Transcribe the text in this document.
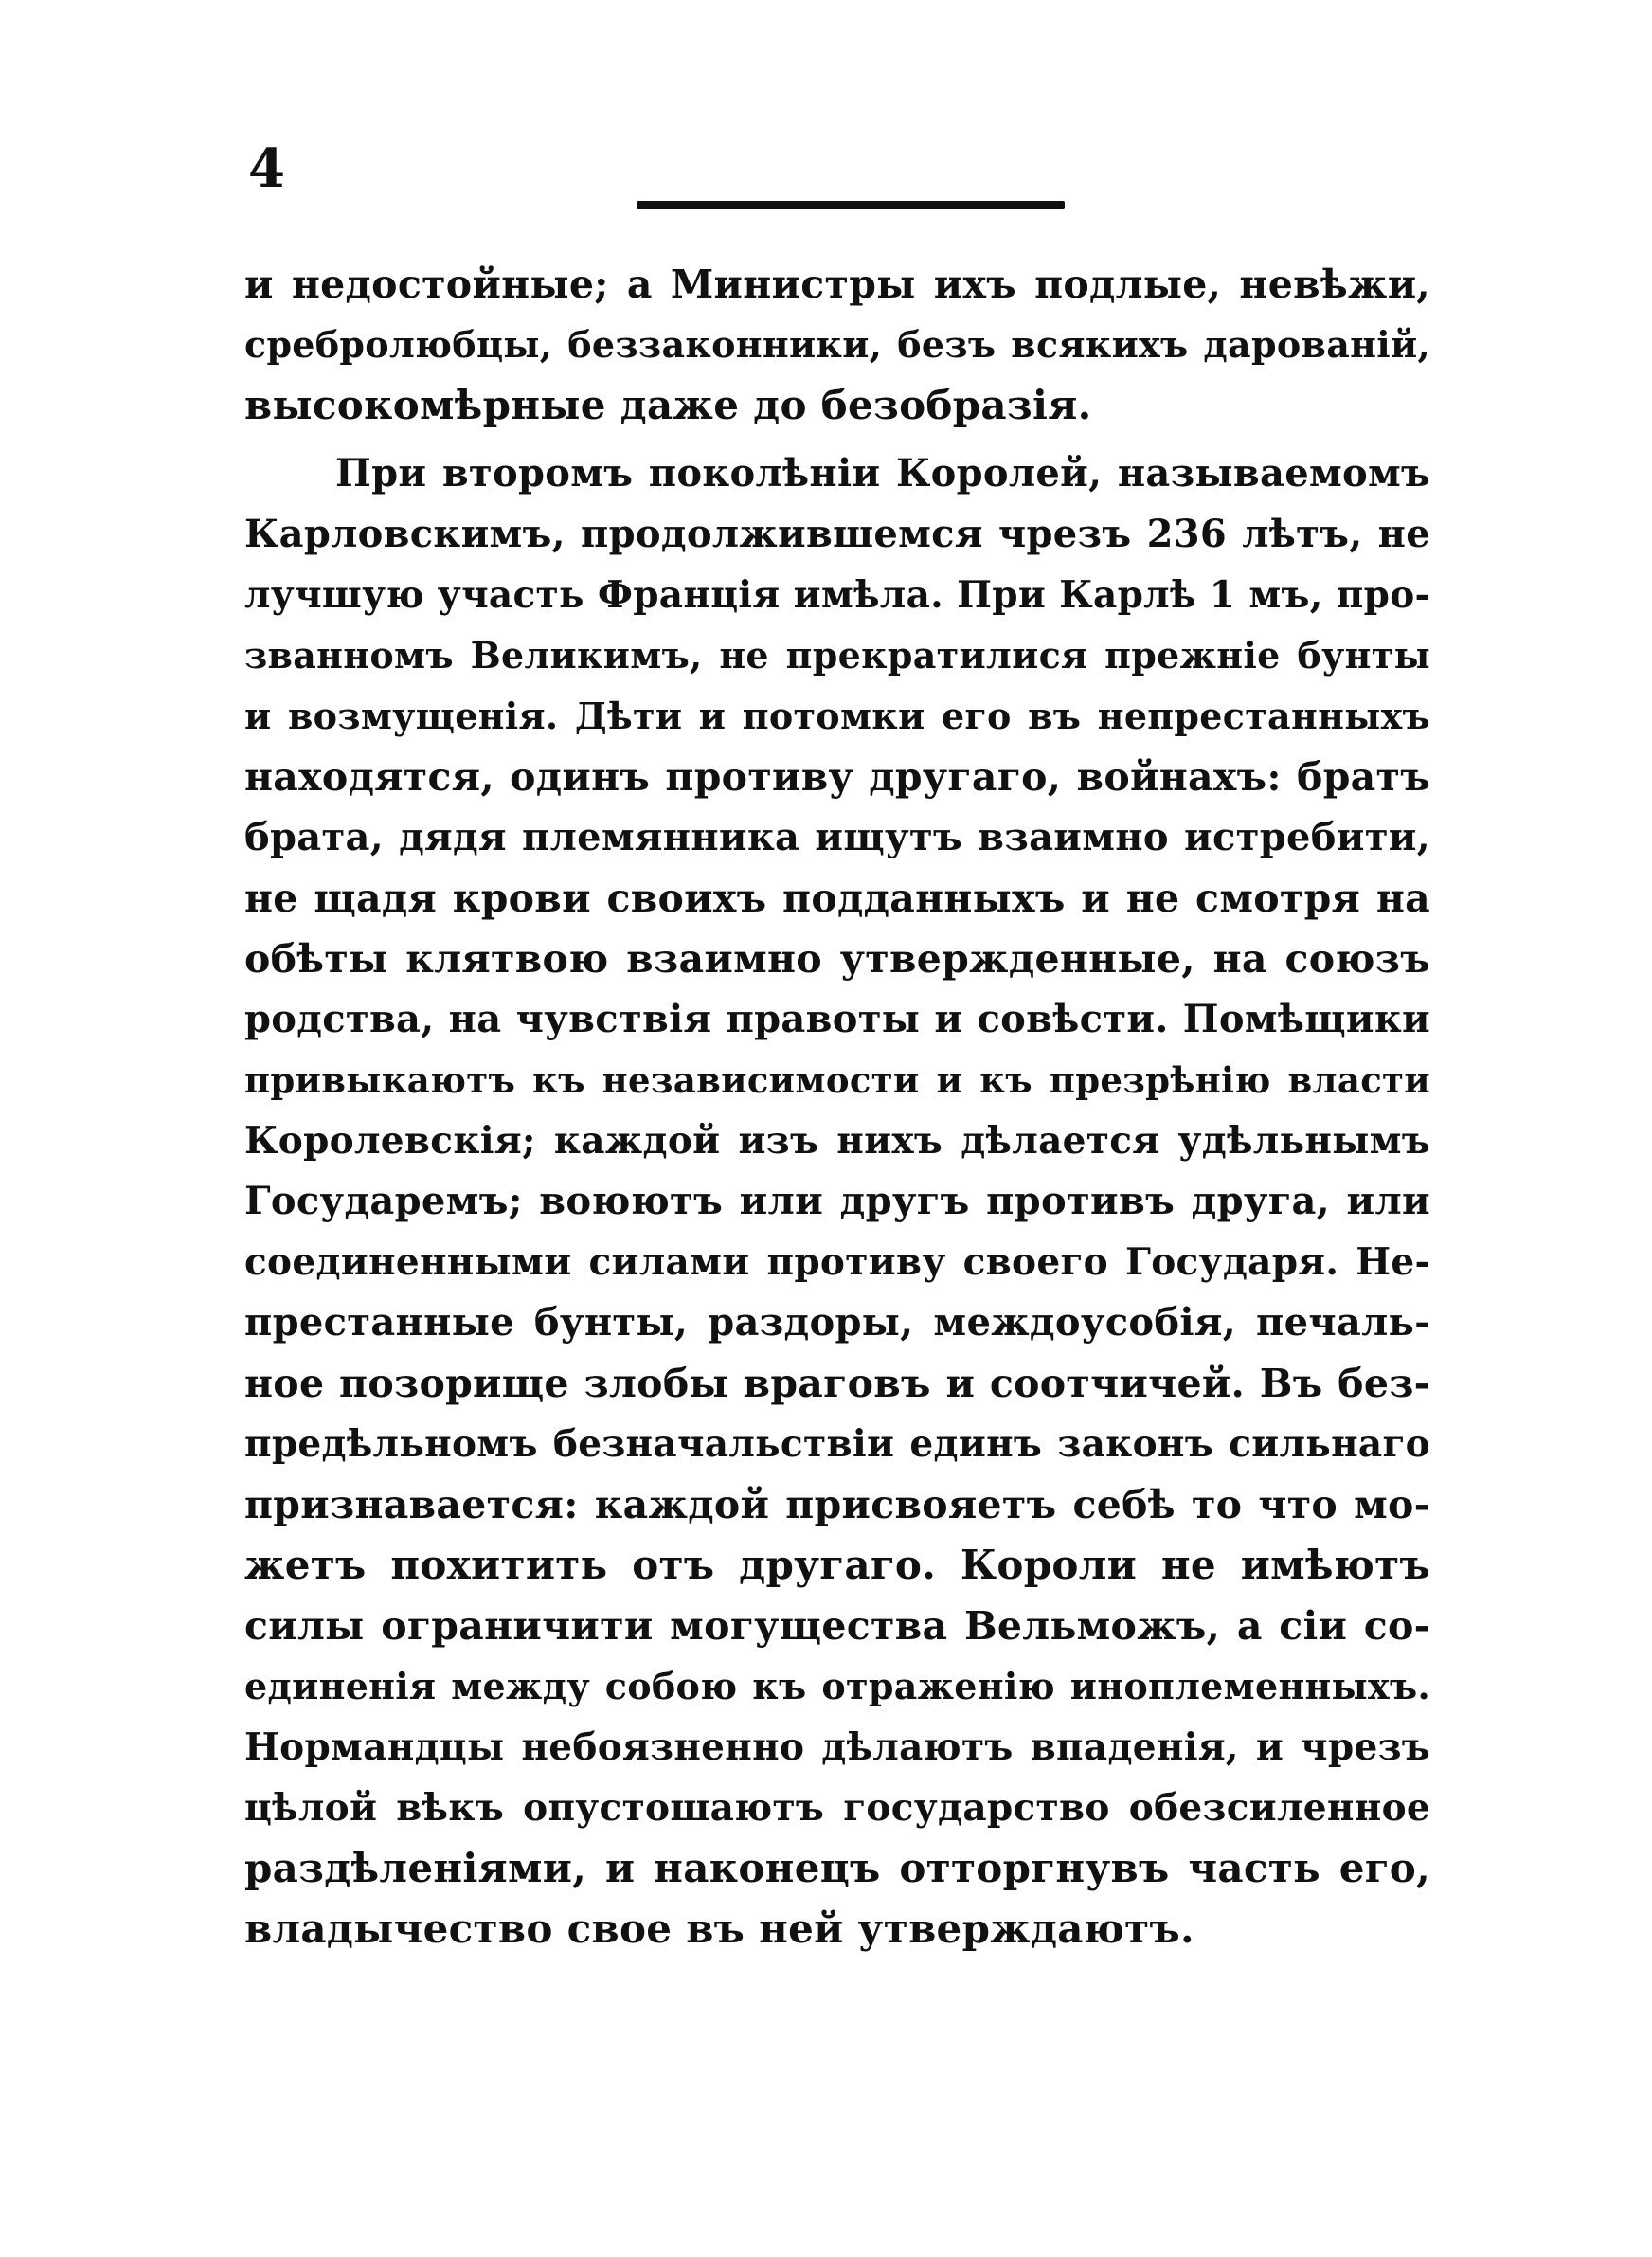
4
и недостойные; а Министры ихъ подлые, невѣжи,
сребролюбцы, беззаконники, безъ всякихъ дарованій,
высокомѣрные даже до безобразія.
При второмъ поколѣніи Королей, называемомъ
Карловскимъ, продолжившемся чрезъ 236 лѣтъ, не
лучшую участь Франція имѣла. При Карлѣ 1 мъ, про-
званномъ Великимъ, не прекратилися прежніе бунты
и возмущенія. Дѣти и потомки его въ непрестанныхъ
находятся, одинъ противу другаго, войнахъ: братъ
брата, дядя племянника ищутъ взаимно истребити,
не щадя крови своихъ подданныхъ и не смотря на
обѣты клятвою взаимно утвержденные, на союзъ
родства, на чувствія правоты и совѣсти. Помѣщики
привыкаютъ къ независимости и къ презрѣнію власти
Королевскія; каждой изъ нихъ дѣлается удѣльнымъ
Государемъ; воюютъ или другъ противъ друга, или
соединенными силами противу своего Государя. Не-
престанные бунты, раздоры, междоусобія, печаль-
ное позорище злобы враговъ и соотчичей. Въ без-
предѣльномъ безначальствіи единъ законъ сильнаго
признавается: каждой присвояетъ себѣ то что мо-
жетъ похитить отъ другаго. Короли не имѣютъ
силы ограничити могущества Вельможъ, а сіи со-
единенія между собою къ отраженію иноплеменныхъ.
Нормандцы небоязненно дѣлаютъ впаденія, и чрезъ
цѣлой вѣкъ опустошаютъ государство обезсиленное
раздѣленіями, и наконецъ отторгнувъ часть его,
владычество свое въ ней утверждаютъ.
